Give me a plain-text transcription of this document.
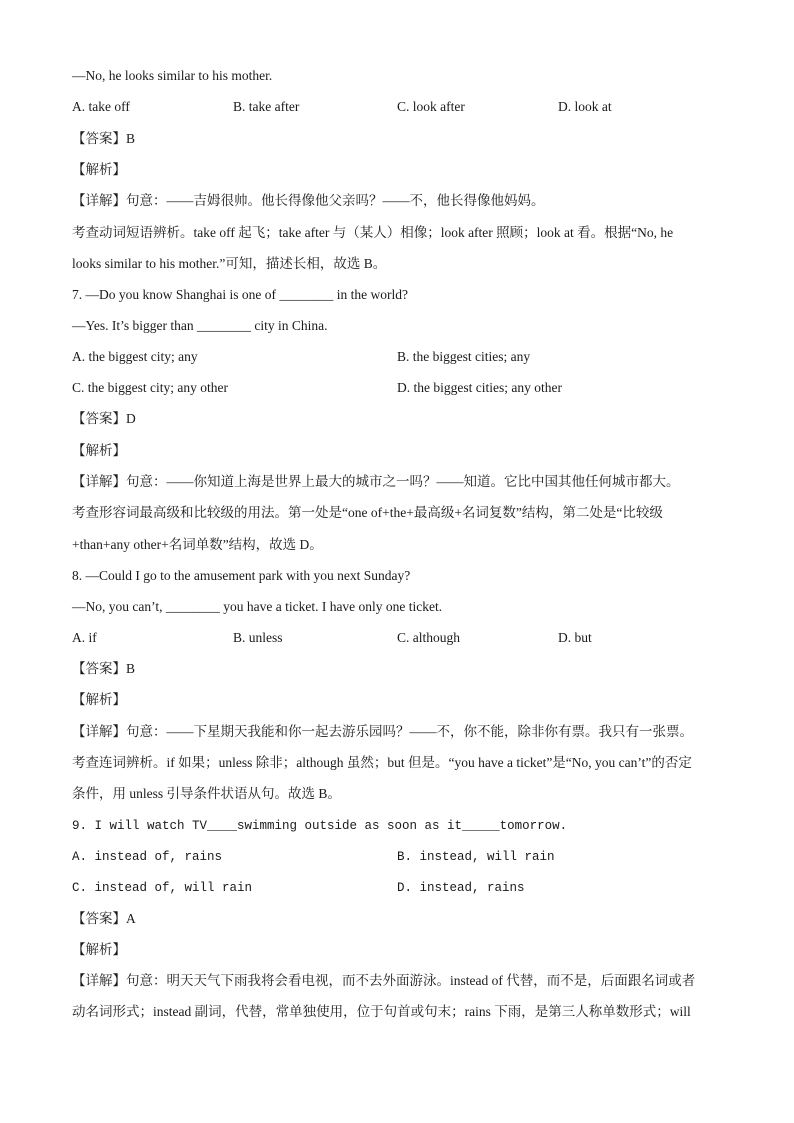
—No, he looks similar to his mother.
A. take off	B. take after	C. look after	D. look at
【答案】B
【解析】
【详解】句意：——吉姆很帅。他长得像他父亲吗？——不，他长得像他妈妈。
考查动词短语辨析。take off 起飞；take after 与（某人）相像；look after 照顾；look at 看。根据“No, he
looks similar to his mother.”可知，描述长相，故选 B。
7. —Do you know Shanghai is one of ________ in the world?
—Yes. It’s bigger than ________ city in China.
A. the biggest city; any	B. the biggest cities; any
C. the biggest city; any other	D. the biggest cities; any other
【答案】D
【解析】
【详解】句意：——你知道上海是世界上最大的城市之一吗？——知道。它比中国其他任何城市都大。
考查形容词最高级和比较级的用法。第一处是“one of+the+最高级+名词复数”结构，第二处是“比较级
+than+any other+名词单数”结构，故选 D。
8. —Could I go to the amusement park with you next Sunday?
—No, you can’t, ________ you have a ticket. I have only one ticket.
A. if	B. unless	C. although	D. but
【答案】B
【解析】
【详解】句意：——下星期天我能和你一起去游乐园吗？——不，你不能，除非你有票。我只有一张票。
考查连词辨析。if 如果；unless 除非；although 虽然；but 但是。“you have a ticket”是“No, you can’t”的否定
条件，用 unless 引导条件状语从句。故选 B。
9. I will watch TV____swimming outside as soon as it_____tomorrow.
A. instead of, rains	B. instead, will rain
C. instead of, will rain	D. instead, rains
【答案】A
【解析】
【详解】句意：明天天气下雨我将会看电视，而不去外面游泳。instead of 代替，而不是，后面跟名词或者
动名词形式；instead 副词，代替，常单独使用，位于句首或句末；rains 下雨，是第三人称单数形式；will
